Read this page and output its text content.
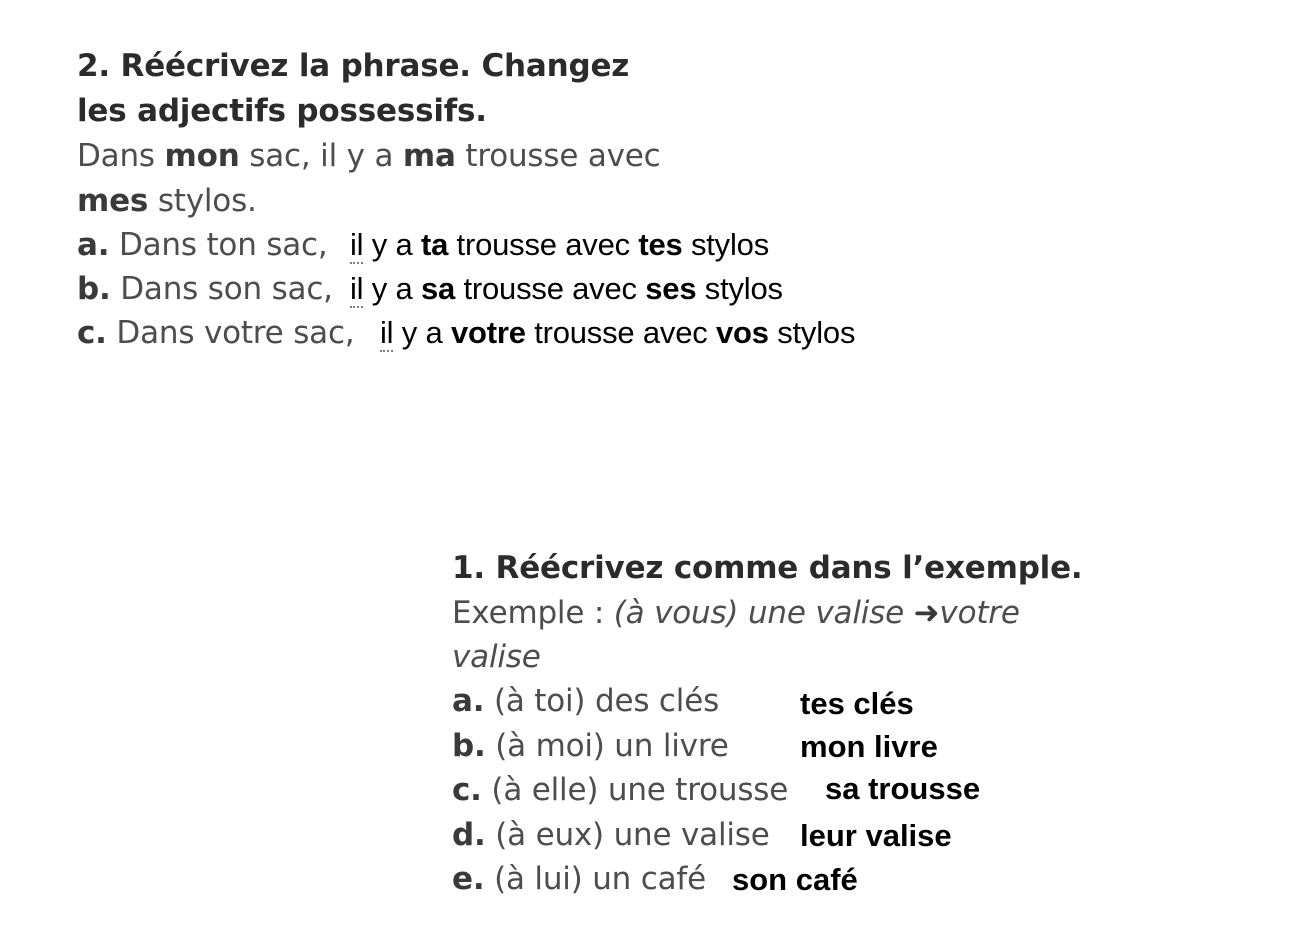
2. Réécrivez la phrase. Changez
les adjectifs possessifs.
Dans mon sac, il y a ma trousse avec
mes stylos.
a. Dans ton sac, il y a ta trousse avec tes stylos
b. Dans son sac, il y a sa trousse avec ses stylos
c. Dans votre sac, il y a votre trousse avec vos stylos
1. Réécrivez comme dans l’exemple.
Exemple : (à vous) une valise ➜votre
valise
a. (à toi) des clés	tes clés
b. (à moi) un livre mon livre
c. (à elle) une trousse sa trousse
d. (à eux) une valise leur valise
e. (à lui) un café son café
